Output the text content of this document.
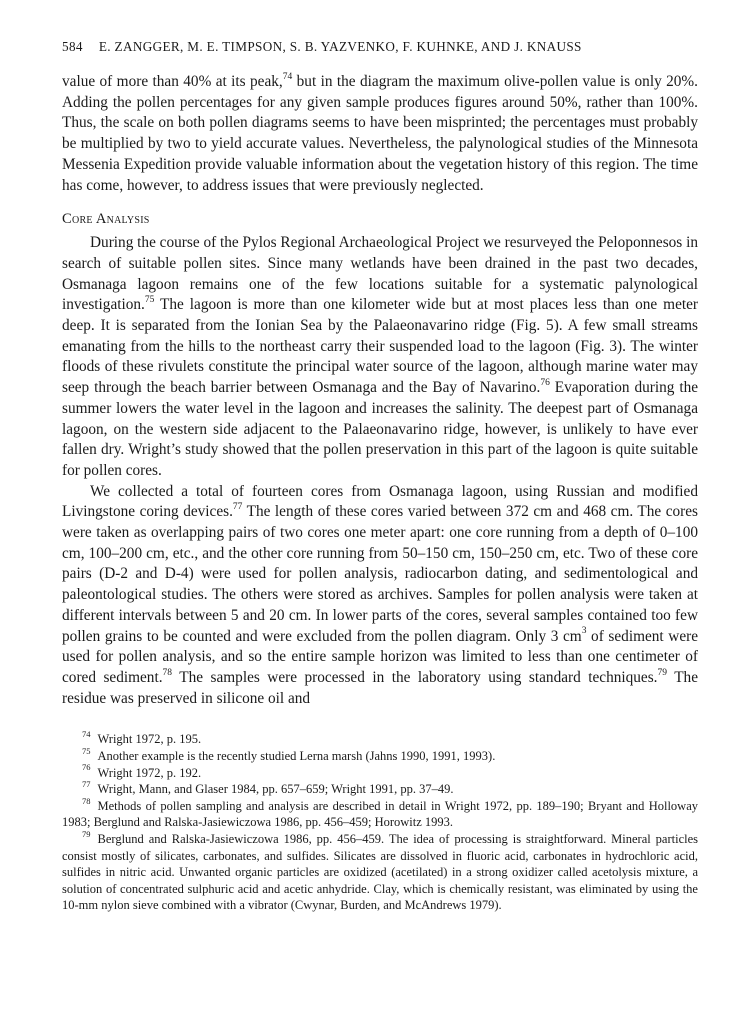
584 E. ZANGGER, M. E. TIMPSON, S. B. YAZVENKO, F. KUHNKE, AND J. KNAUSS

value of more than 40% at its peak,$^{74}$ but in the diagram the maximum olive-pollen value is only 20%. Adding the pollen percentages for any given sample produces figures around 50%, rather than 100%. Thus, the scale on both pollen diagrams seems to have been misprinted; the percentages must probably be multiplied by two to yield accurate values. Nevertheless, the palynological studies of the Minnesota Messenia Expedition provide valuable information about the vegetation history of this region. The time has come, however, to address issues that were previously neglected.

Core Analysis

During the course of the Pylos Regional Archaeological Project we resurveyed the Peloponnesos in search of suitable pollen sites. Since many wetlands have been drained in the past two decades, Osmanaga lagoon remains one of the few locations suitable for a systematic palynological investigation.$^{75}$ The lagoon is more than one kilometer wide but at most places less than one meter deep. It is separated from the Ionian Sea by the Palaeonavarino ridge (Fig. 5). A few small streams emanating from the hills to the northeast carry their suspended load to the lagoon (Fig. 3). The winter floods of these rivulets constitute the principal water source of the lagoon, although marine water may seep through the beach barrier between Osmanaga and the Bay of Navarino.$^{76}$ Evaporation during the summer lowers the water level in the lagoon and increases the salinity. The deepest part of Osmanaga lagoon, on the western side adjacent to the Palaeonavarino ridge, however, is unlikely to have ever fallen dry. Wright’s study showed that the pollen preservation in this part of the lagoon is quite suitable for pollen cores.

We collected a total of fourteen cores from Osmanaga lagoon, using Russian and modified Livingstone coring devices.$^{77}$ The length of these cores varied between 372 cm and 468 cm. The cores were taken as overlapping pairs of two cores one meter apart: one core running from a depth of 0–100 cm, 100–200 cm, etc., and the other core running from 50–150 cm, 150–250 cm, etc. Two of these core pairs (D-2 and D-4) were used for pollen analysis, radiocarbon dating, and sedimentological and paleontological studies. The others were stored as archives. Samples for pollen analysis were taken at different intervals between 5 and 20 cm. In lower parts of the cores, several samples contained too few pollen grains to be counted and were excluded from the pollen diagram. Only 3 $cm^3$ of sediment were used for pollen analysis, and so the entire sample horizon was limited to less than one centimeter of cored sediment.$^{78}$ The samples were processed in the laboratory using standard techniques.$^{79}$ The residue was preserved in silicone oil and

$^{74}$ Wright 1972, p. 195.

$^{75}$ Another example is the recently studied Lerna marsh (Jahns 1990, 1991, 1993).

$^{76}$ Wright 1972, p. 192.

$^{77}$ Wright, Mann, and Glaser 1984, pp. 657–659; Wright 1991, pp. 37–49.

$^{78}$ Methods of pollen sampling and analysis are described in detail in Wright 1972, pp. 189–190; Bryant and Holloway 1983; Berglund and Ralska-Jasiewiczowa 1986, pp. 456–459; Horowitz 1993.

$^{79}$ Berglund and Ralska-Jasiewiczowa 1986, pp. 456–459. The idea of processing is straightforward. Mineral particles consist mostly of silicates, carbonates, and sulfides. Silicates are dissolved in fluoric acid, carbonates in hydrochloric acid, sulfides in nitric acid. Unwanted organic particles are oxidized (acetilated) in a strong oxidizer called acetolysis mixture, a solution of concentrated sulphuric acid and acetic anhydride. Clay, which is chemically resistant, was eliminated by using the 10-mm nylon sieve combined with a vibrator (Cwynar, Burden, and McAndrews 1979).
